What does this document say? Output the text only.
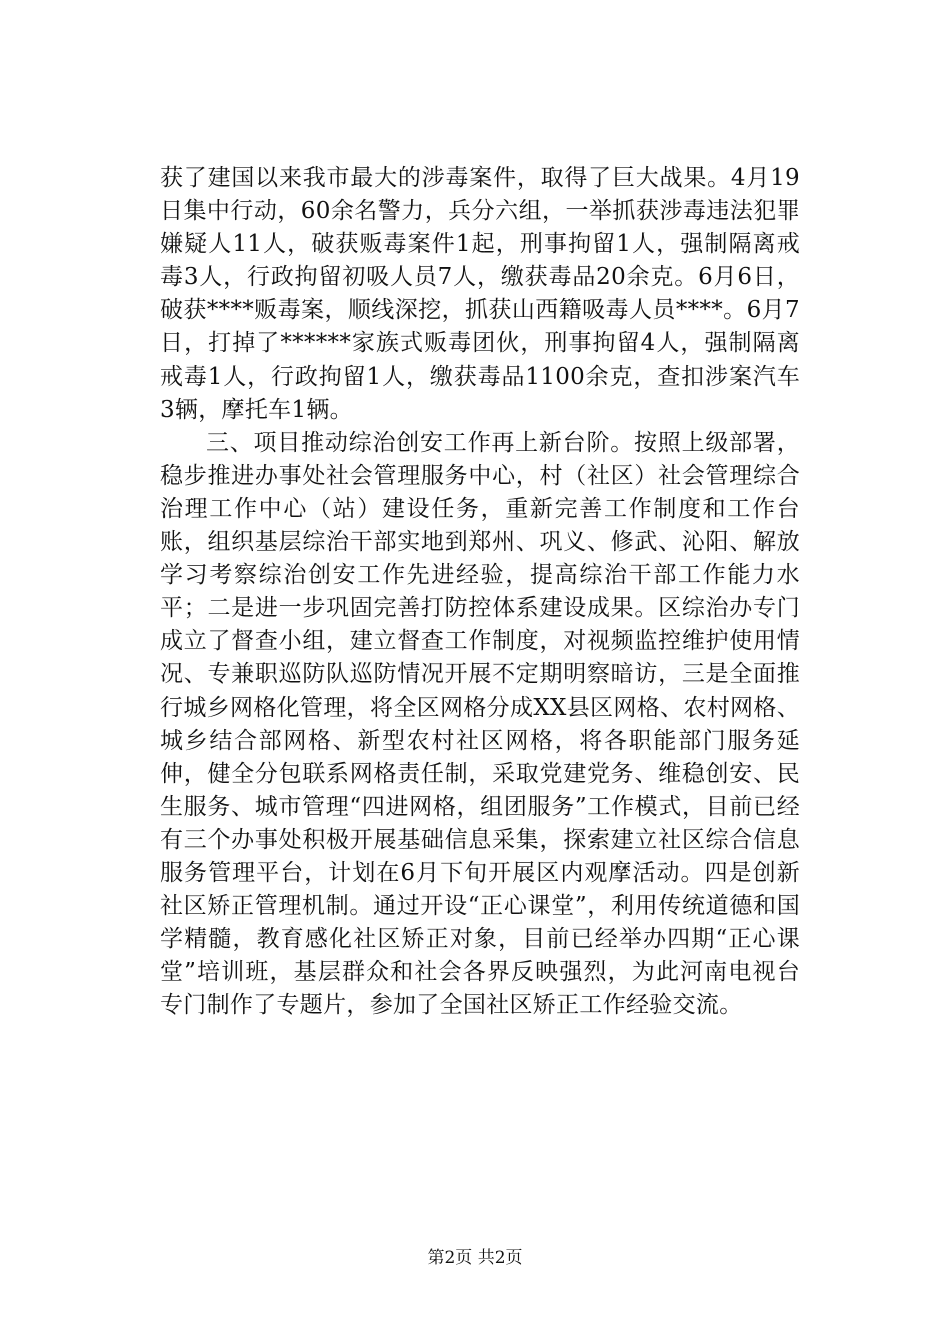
获了建国以来我市最大的涉毒案件，取得了巨大战果。4月19日集中行动，60余名警力，兵分六组，一举抓获涉毒违法犯罪嫌疑人11人，破获贩毒案件1起，刑事拘留1人，强制隔离戒毒3人，行政拘留初吸人员7人，缴获毒品20余克。6月6日，破获****贩毒案，顺线深挖，抓获山西籍吸毒人员****。6月7日，打掉了******家族式贩毒团伙，刑事拘留4人，强制隔离戒毒1人，行政拘留1人，缴获毒品1100余克，查扣涉案汽车3辆，摩托车1辆。

三、项目推动综治创安工作再上新台阶。按照上级部署，稳步推进办事处社会管理服务中心，村（社区）社会管理综合治理工作中心（站）建设任务，重新完善工作制度和工作台账，组织基层综治干部实地到郑州、巩义、修武、沁阳、解放学习考察综治创安工作先进经验，提高综治干部工作能力水平；二是进一步巩固完善打防控体系建设成果。区综治办专门成立了督查小组，建立督查工作制度，对视频监控维护使用情况、专兼职巡防队巡防情况开展不定期明察暗访，三是全面推行城乡网格化管理，将全区网格分成XX县区网格、农村网格、城乡结合部网格、新型农村社区网格，将各职能部门服务延伸，健全分包联系网格责任制，采取党建党务、维稳创安、民生服务、城市管理“四进网格，组团服务”工作模式，目前已经有三个办事处积极开展基础信息采集，探索建立社区综合信息服务管理平台，计划在6月下旬开展区内观摩活动。四是创新社区矫正管理机制。通过开设“正心课堂”，利用传统道德和国学精髓，教育感化社区矫正对象，目前已经举办四期“正心课堂”培训班，基层群众和社会各界反映强烈，为此河南电视台专门制作了专题片，参加了全国社区矫正工作经验交流。

第2页 共2页
